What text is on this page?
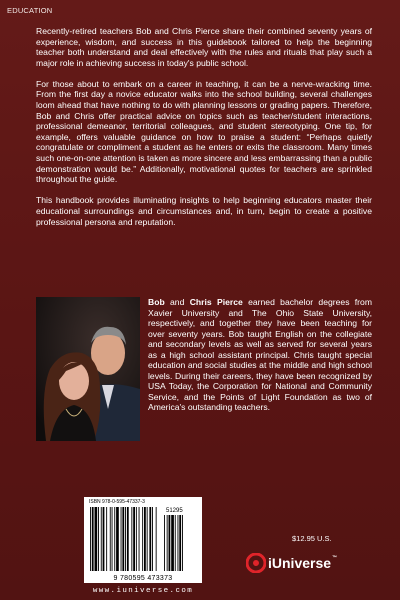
EDUCATION

Recently-retired teachers Bob and Chris Pierce share their combined seventy years of experience, wisdom, and success in this guidebook tailored to help the beginning teacher both understand and deal effectively with the rules and rituals that play such a major role in achieving success in today's public school.

For those about to embark on a career in teaching, it can be a nerve-wracking time. From the first day a novice educator walks into the school building, several challenges loom ahead that have nothing to do with planning lessons or grading papers. Therefore, Bob and Chris offer practical advice on topics such as teacher/student interactions, professional demeanor, territorial colleagues, and student stereotyping. One tip, for example, offers valuable guidance on how to praise a student: “Perhaps quietly congratulate or compliment a student as he enters or exits the classroom. Many times such one-on-one attention is taken as more sincere and less embarrassing than a public demonstration would be.” Additionally, motivational quotes for teachers are sprinkled throughout the guide.

This handbook provides illuminating insights to help beginning educators master their educational surroundings and circumstances and, in turn, begin to create a positive professional persona and reputation.

Bob and Chris Pierce earned bachelor degrees from Xavier University and The Ohio State University, respectively, and together they have been teaching for over seventy years. Bob taught English on the collegiate and secondary levels as well as served for several years as a high school assistant principal. Chris taught special education and social studies at the middle and high school levels. During their careers, they have been recognized by USA Today, the Corporation for National and Community Service, and the Points of Light Foundation as two of America's outstanding teachers.
51295
ISBN 978-0-595-47337-3
9 780595 473373
www.iuniverse.com
$12.95 U.S.
iUniverse™
